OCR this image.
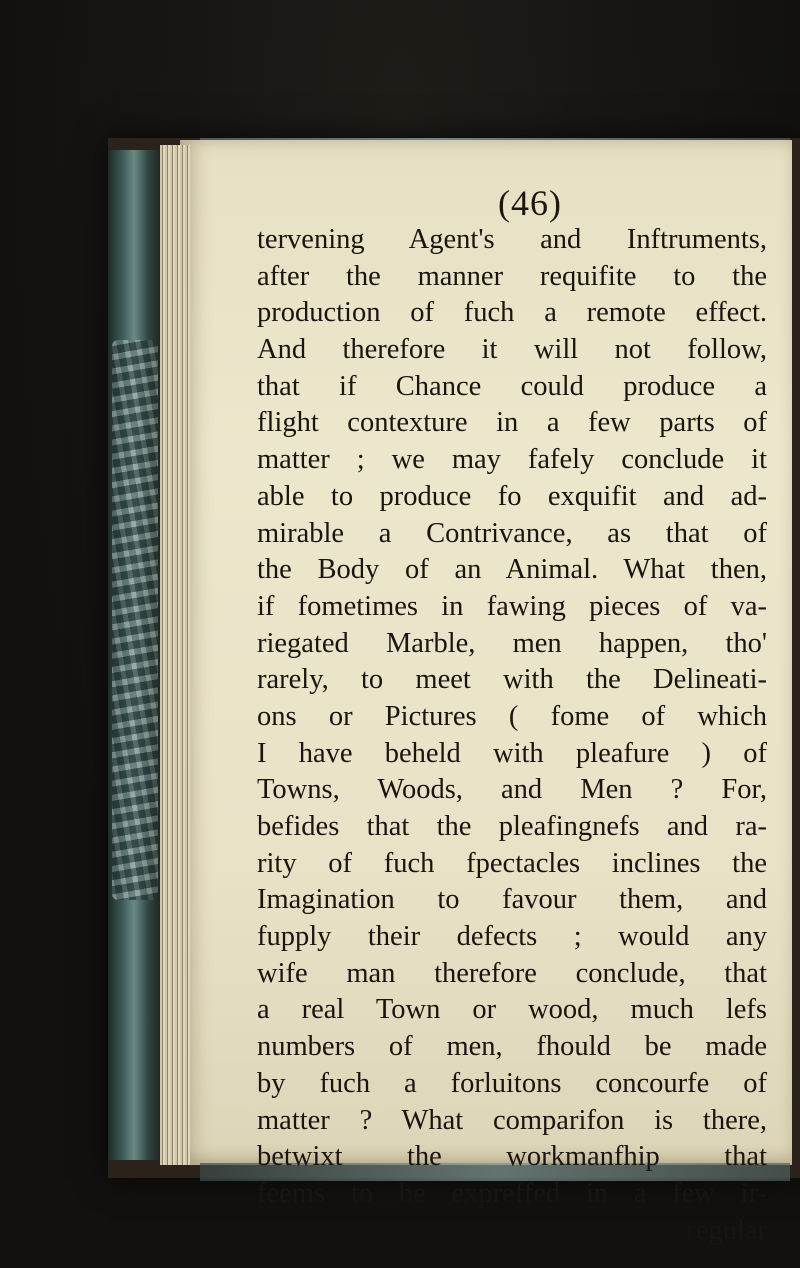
(46)
tervening Agent's and Inftruments,
after the manner requifite to the
production of fuch a remote effect.
And therefore it will not follow,
that if Chance could produce a
flight contexture in a few parts of
matter ; we may fafely conclude it
able to produce fo exquifit and ad-
mirable a Contrivance, as that of
the Body of an Animal. What then,
if fometimes in fawing pieces of va-
riegated Marble, men happen, tho'
rarely, to meet with the Delineati-
ons or Pictures ( fome of which
I have beheld with pleafure ) of
Towns, Woods, and Men ? For,
befides that the pleafingnefs and ra-
rity of fuch fpectacles inclines the
Imagination to favour them, and
fupply their defects ; would any
wife man therefore conclude, that
a real Town or wood, much lefs
numbers of men, fhould be made
by fuch a forluitons concourfe of
matter ? What comparifon is there,
betwixt the workmanfhip that
feems to be expreffed in a few ir-
regular
